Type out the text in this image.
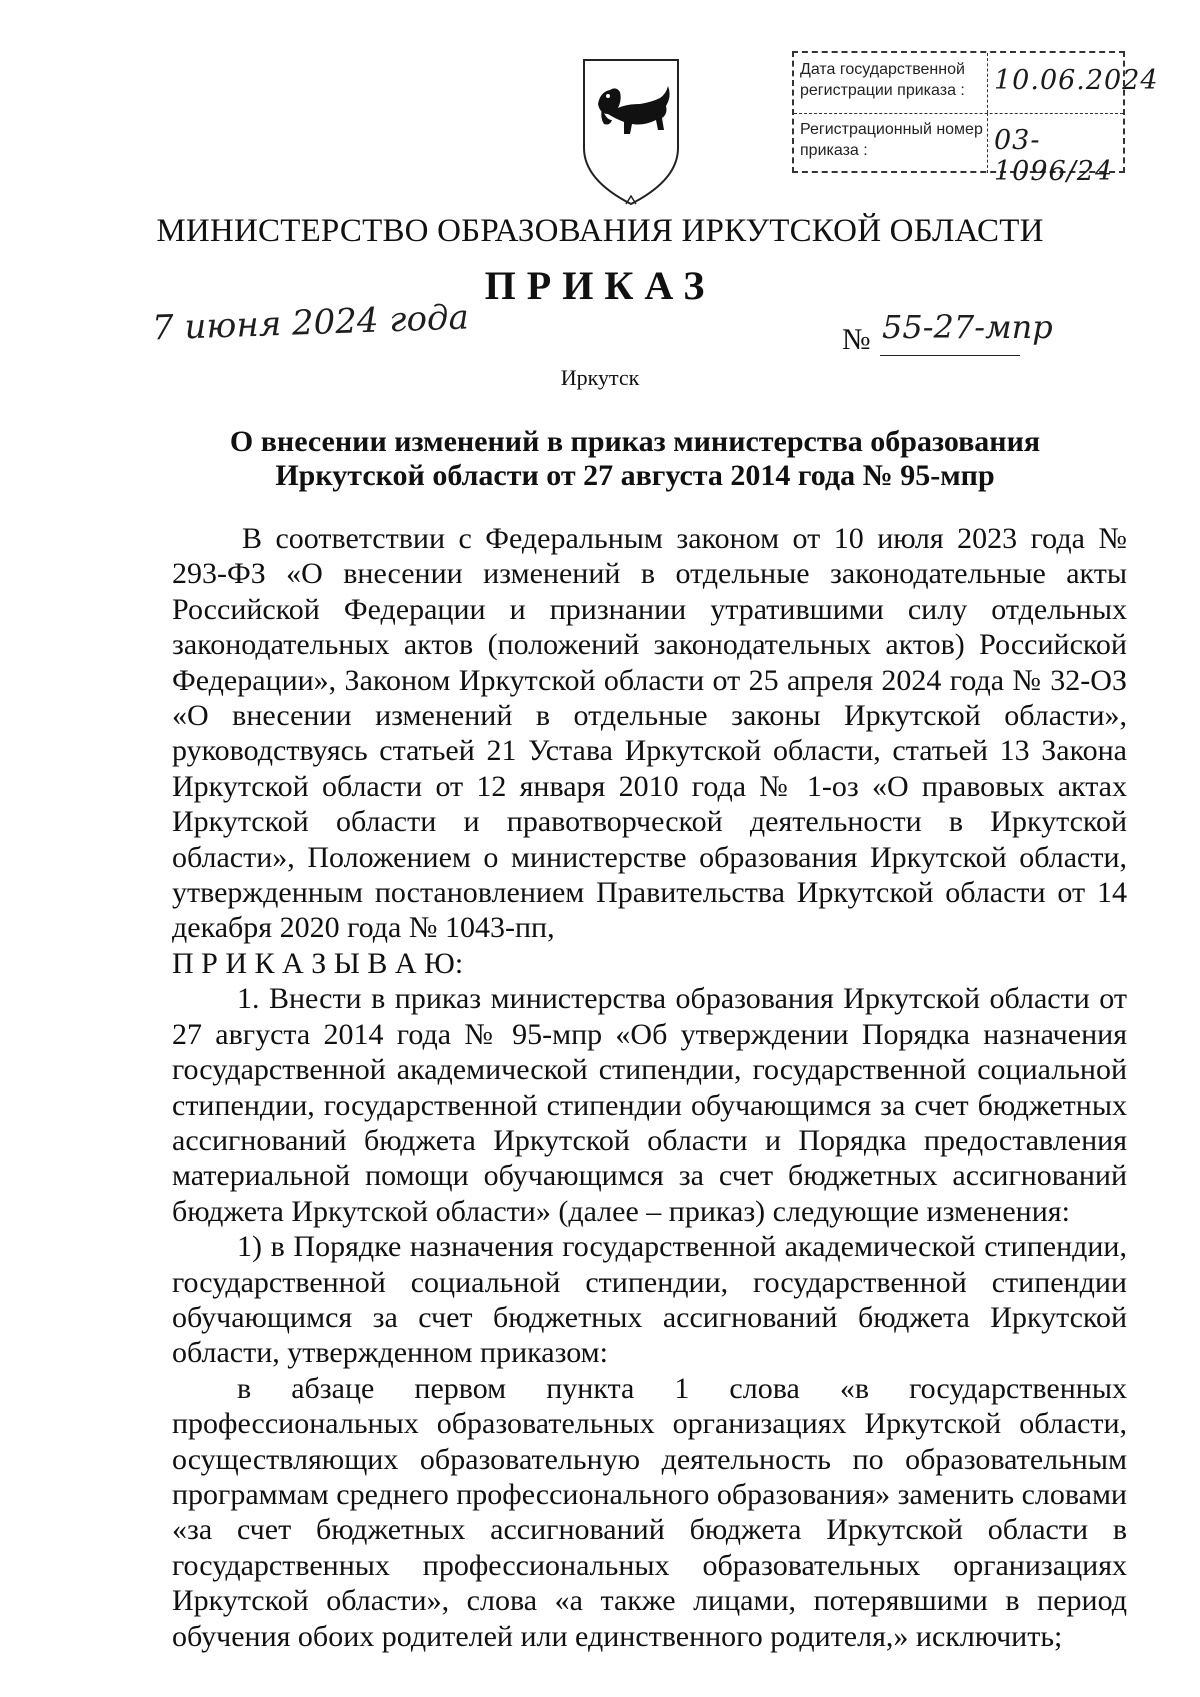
Дата государственной регистрации приказа :	10.06.2024
Регистрационный номер приказа :	03-1096/24
МИНИСТЕРСТВО ОБРАЗОВАНИЯ ИРКУТСКОЙ ОБЛАСТИ
ПРИКАЗ
7 июня 2024 года	№ 55-27-мпр
Иркутск
О внесении изменений в приказ министерства образования
Иркутской области от 27 августа 2014 года № 95-мпр

В соответствии с Федеральным законом от 10 июля 2023 года № 293-ФЗ «О внесении изменений в отдельные законодательные акты Российской Федерации и признании утратившими силу отдельных законодательных актов (положений законодательных актов) Российской Федерации», Законом Иркутской области от 25 апреля 2024 года № 32-ОЗ «О внесении изменений в отдельные законы Иркутской области», руководствуясь статьей 21 Устава Иркутской области, статьей 13 Закона Иркутской области от 12 января 2010 года № 1-оз «О правовых актах Иркутской области и правотворческой деятельности в Иркутской области», Положением о министерстве образования Иркутской области, утвержденным постановлением Правительства Иркутской области от 14 декабря 2020 года № 1043-пп,

П Р И К А З Ы В А Ю:

1. Внести в приказ министерства образования Иркутской области от 27 августа 2014 года № 95-мпр «Об утверждении Порядка назначения государственной академической стипендии, государственной социальной стипендии, государственной стипендии обучающимся за счет бюджетных ассигнований бюджета Иркутской области и Порядка предоставления материальной помощи обучающимся за счет бюджетных ассигнований бюджета Иркутской области» (далее – приказ) следующие изменения:

1) в Порядке назначения государственной академической стипендии, государственной социальной стипендии, государственной стипендии обучающимся за счет бюджетных ассигнований бюджета Иркутской области, утвержденном приказом:

в абзаце первом пункта 1 слова «в государственных профессиональных образовательных организациях Иркутской области, осуществляющих образовательную деятельность по образовательным программам среднего профессионального образования» заменить словами «за счет бюджетных ассигнований бюджета Иркутской области в государственных профессиональных образовательных организациях Иркутской области», слова «а также лицами, потерявшими в период обучения обоих родителей или единственного родителя,» исключить;
